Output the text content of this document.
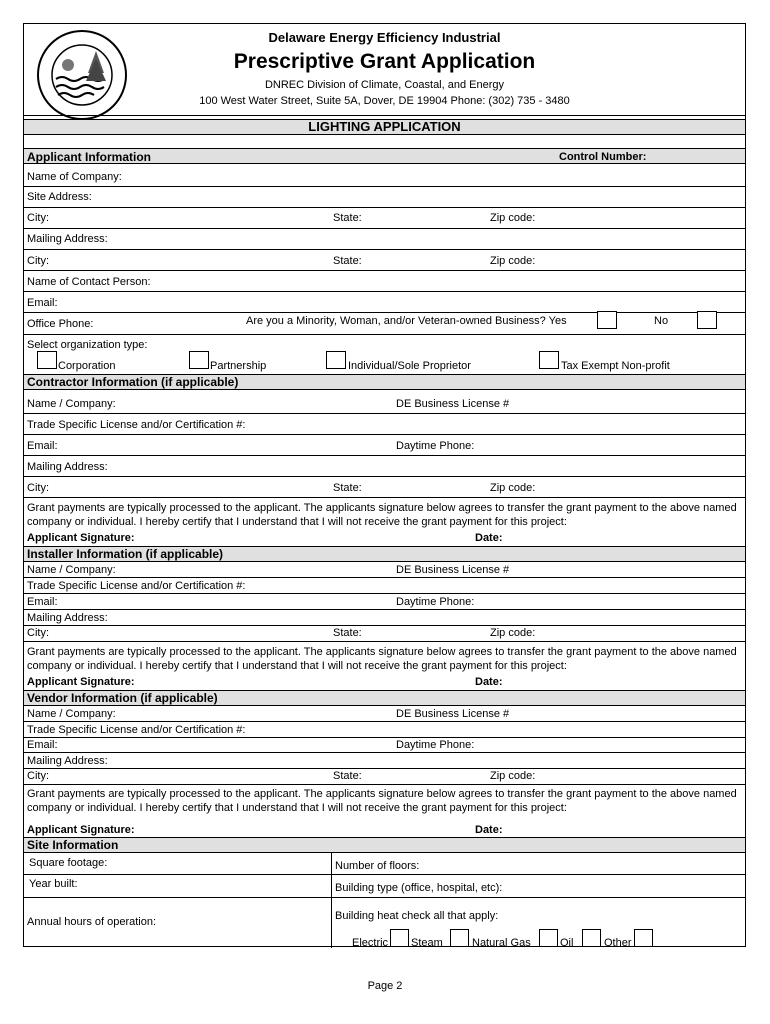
Delaware Energy Efficiency Industrial
Prescriptive Grant Application
DNREC Division of Climate, Coastal, and Energy
100 West Water Street, Suite 5A, Dover, DE 19904 Phone: (302) 735 - 3480
LIGHTING APPLICATION
Applicant Information	Control Number:
Name of Company:
Site Address:
City:	State:	Zip code:
Mailing Address:
City:	State:	Zip code:
Name of Contact Person:
Email:
Office Phone:	Are you a Minority, Woman, and/or Veteran-owned Business? Yes	No
Select organization type:
Corporation	Partnership	Individual/Sole Proprietor	Tax Exempt Non-profit
Contractor Information (if applicable)
Name / Company:	DE Business License #
Trade Specific License and/or Certification #:
Email:	Daytime Phone:
Mailing Address:
City:	State:	Zip code:
Grant payments are typically processed to the applicant. The applicants signature below agrees to transfer the grant payment to the above named
company or individual. I hereby certify that I understand that I will not receive the grant payment for this project:
Applicant Signature:	Date:
Installer Information (if applicable)
Name / Company:	DE Business License #
Trade Specific License and/or Certification #:
Email:	Daytime Phone:
Mailing Address:
City:	State:	Zip code:
Grant payments are typically processed to the applicant. The applicants signature below agrees to transfer the grant payment to the above named
company or individual. I hereby certify that I understand that I will not receive the grant payment for this project:
Applicant Signature:	Date:
Vendor Information (if applicable)
Name / Company:	DE Business License #
Trade Specific License and/or Certification #:
Email:	Daytime Phone:
Mailing Address:
City:	State:	Zip code:
Grant payments are typically processed to the applicant. The applicants signature below agrees to transfer the grant payment to the above named
company or individual. I hereby certify that I understand that I will not receive the grant payment for this project:
Applicant Signature:	Date:
Site Information
Square footage:	Number of floors:
Year built:	Building type (office, hospital, etc):
Annual hours of operation:	Building heat check all that apply:
Electric Steam	Natural Gas	Oil	Other
Page 2
